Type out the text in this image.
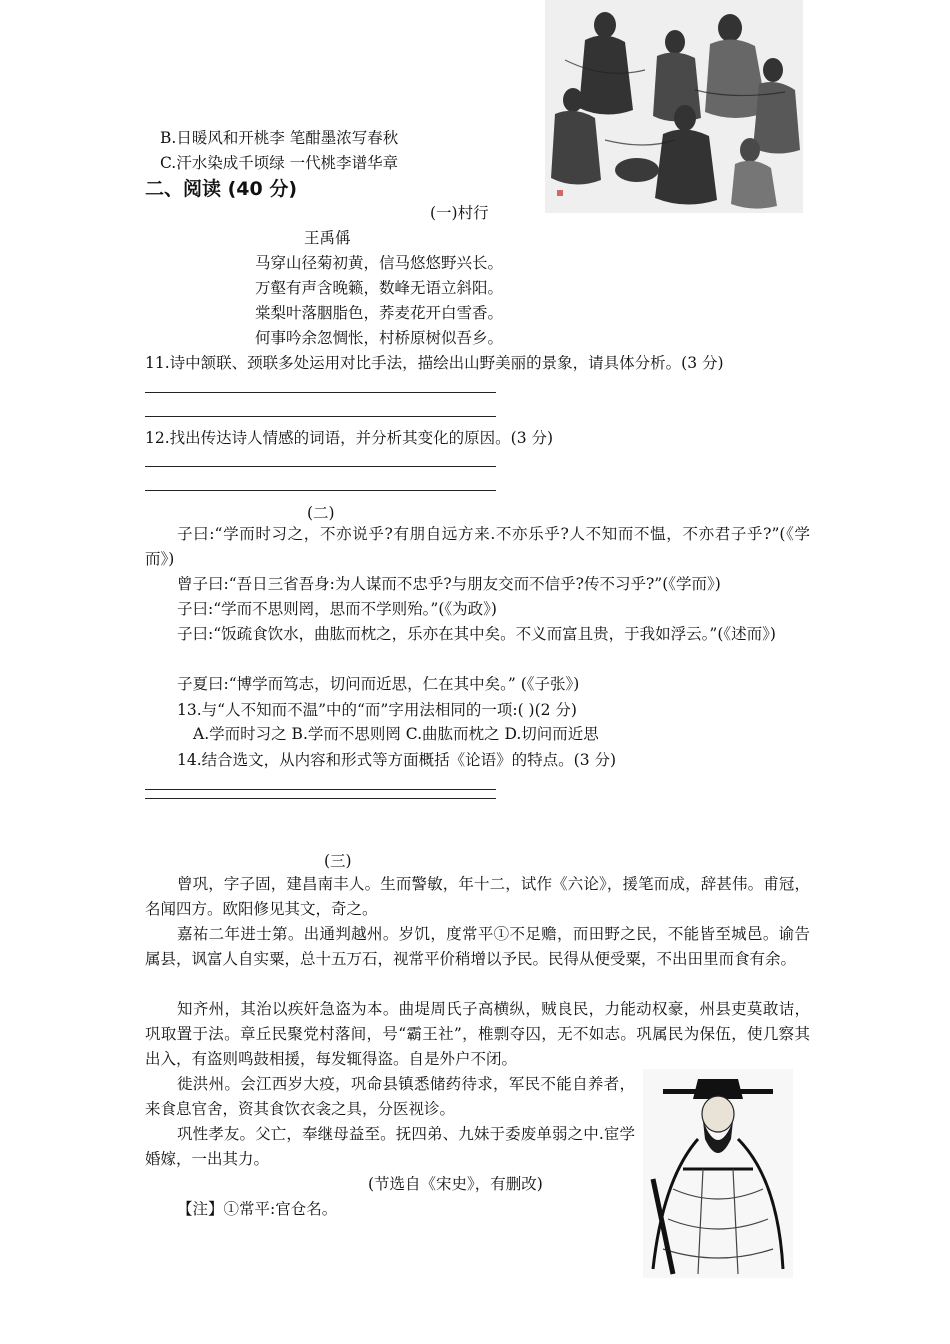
B.日暖风和开桃李 笔酣墨浓写春秋
C.汗水染成千顷绿 一代桃李谱华章
二、阅读 (40 分)
(一)村行
王禹偁
马穿山径菊初黄，信马悠悠野兴长。
万壑有声含晚籁，数峰无语立斜阳。
棠梨叶落胭脂色，荞麦花开白雪香。
何事吟余忽惆怅，村桥原树似吾乡。
11.诗中颔联、颈联多处运用对比手法，描绘出山野美丽的景象，请具体分析。(3 分)
12.找出传达诗人情感的词语，并分析其变化的原因。(3 分)
(二)
子曰:“学而时习之，不亦说乎?有朋自远方来.不亦乐乎?人不知而不愠，不亦君子乎?”(《学而》)
曾子曰:“吾日三省吾身:为人谋而不忠乎?与朋友交而不信乎?传不习乎?”(《学而》)
子曰:“学而不思则罔，思而不学则殆。”(《为政》)
子曰:“饭疏食饮水，曲肱而枕之，乐亦在其中矣。不义而富且贵，于我如浮云。”(《述而》)
子夏曰:“博学而笃志，切问而近思，仁在其中矣。” (《子张》)
13.与“人不知而不温”中的“而”字用法相同的一项:( )(2 分)
A.学而时习之 B.学而不思则罔 C.曲肱而枕之 D.切问而近思
14.结合选文，从内容和形式等方面概括《论语》的特点。(3 分)
(三)
曾巩，字子固，建昌南丰人。生而警敏，年十二，试作《六论》，援笔而成，辞甚伟。甫冠，名闻四方。欧阳修见其文，奇之。
嘉祐二年进士第。出通判越州。岁饥，度常平①不足赡，而田野之民，不能皆至城邑。谕告属县，讽富人自实粟，总十五万石，视常平价稍增以予民。民得从便受粟，不出田里而食有余。
知齐州，其治以疾奸急盗为本。曲堤周氏子高横纵，贼良民，力能动权豪，州县吏莫敢诘，巩取置于法。章丘民聚党村落间，号“霸王社”，椎剽夺囚，无不如志。巩属民为保伍，使几察其出入，有盗则鸣鼓相援，每发辄得盗。自是外户不闭。
徙洪州。会江西岁大疫，巩命县镇悉储药待求，军民不能自养者，来食息官舍，资其食饮衣衾之具，分医视诊。
巩性孝友。父亡，奉继母益至。抚四弟、九妹于委废单弱之中.宦学婚嫁，一出其力。
(节选自《宋史》，有删改)
【注】①常平:官仓名。
